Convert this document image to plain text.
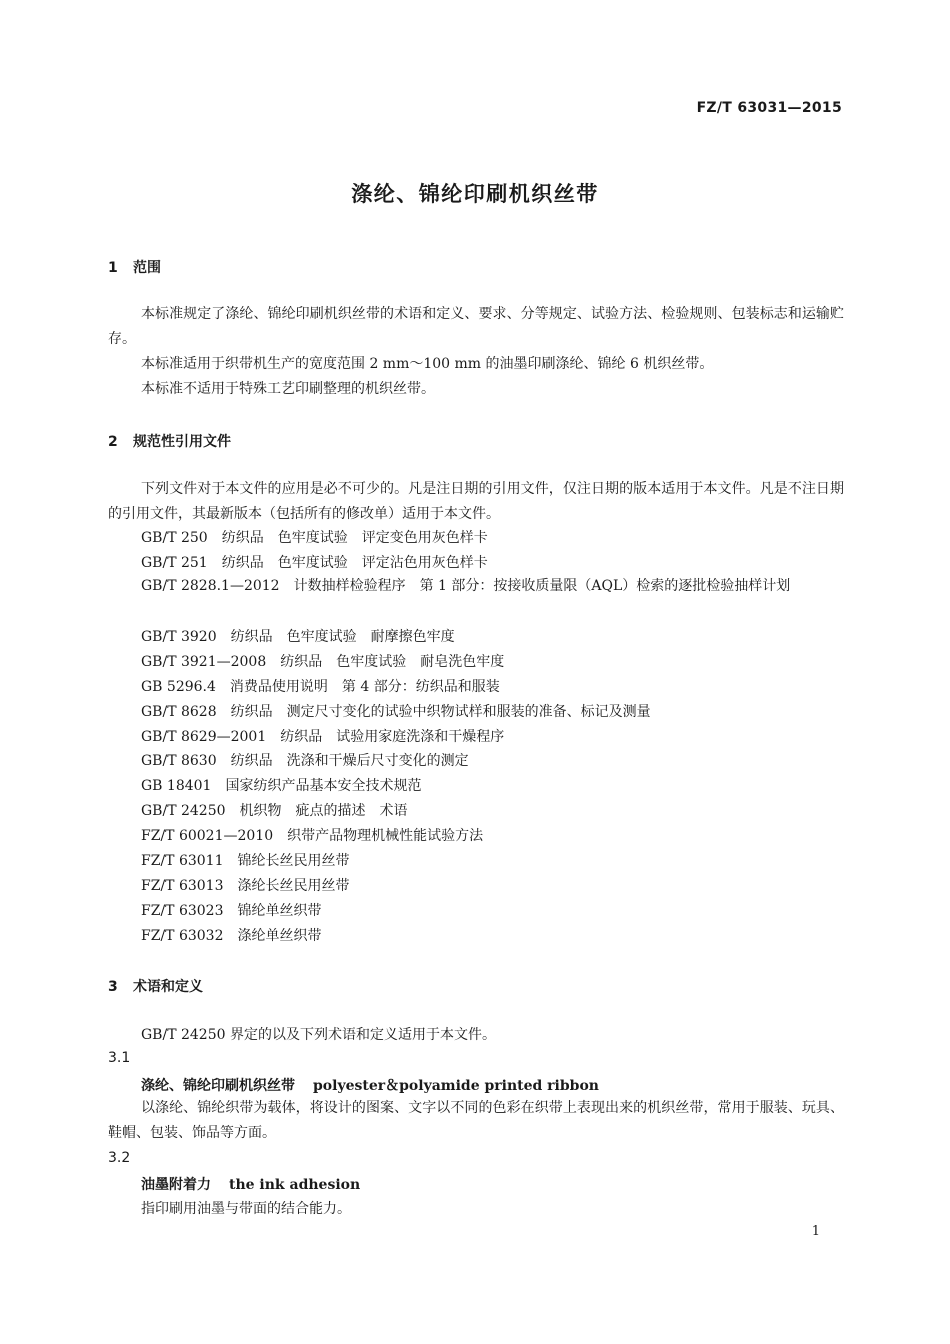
FZ/T 63031—2015
涤纶、锦纶印刷机织丝带
1 范围

本标准规定了涤纶、锦纶印刷机织丝带的术语和定义、要求、分等规定、试验方法、检验规则、包装标志和运输贮存。

本标准适用于织带机生产的宽度范围 2 mm～100 mm 的油墨印刷涤纶、锦纶 6 机织丝带。

本标准不适用于特殊工艺印刷整理的机织丝带。

2 规范性引用文件

下列文件对于本文件的应用是必不可少的。凡是注日期的引用文件，仅注日期的版本适用于本文件。凡是不注日期的引用文件，其最新版本（包括所有的修改单）适用于本文件。

GB/T 250 纺织品　色牢度试验　评定变色用灰色样卡
GB/T 251 纺织品　色牢度试验　评定沾色用灰色样卡

GB/T 2828.1—2012 计数抽样检验程序　第 1 部分：按接收质量限（AQL）检索的逐批检验抽样计划

GB/T 3920 纺织品　色牢度试验　耐摩擦色牢度
GB/T 3921—2008 纺织品　色牢度试验　耐皂洗色牢度
GB 5296.4 消费品使用说明　第 4 部分：纺织品和服装
GB/T 8628 纺织品　测定尺寸变化的试验中织物试样和服装的准备、标记及测量
GB/T 8629—2001 纺织品　试验用家庭洗涤和干燥程序
GB/T 8630 纺织品　洗涤和干燥后尺寸变化的测定
GB 18401 国家纺织产品基本安全技术规范
GB/T 24250 机织物　疵点的描述　术语
FZ/T 60021—2010 织带产品物理机械性能试验方法
FZ/T 63011 锦纶长丝民用丝带
FZ/T 63013 涤纶长丝民用丝带
FZ/T 63023 锦纶单丝织带
FZ/T 63032 涤纶单丝织带
3 术语和定义
GB/T 24250 界定的以及下列术语和定义适用于本文件。
3.1
涤纶、锦纶印刷机织丝带 polyester＆polyamide printed ribbon

以涤纶、锦纶织带为载体，将设计的图案、文字以不同的色彩在织带上表现出来的机织丝带，常用于服装、玩具、鞋帽、包装、饰品等方面。

3.2
油墨附着力 the ink adhesion
指印刷用油墨与带面的结合能力。
1
